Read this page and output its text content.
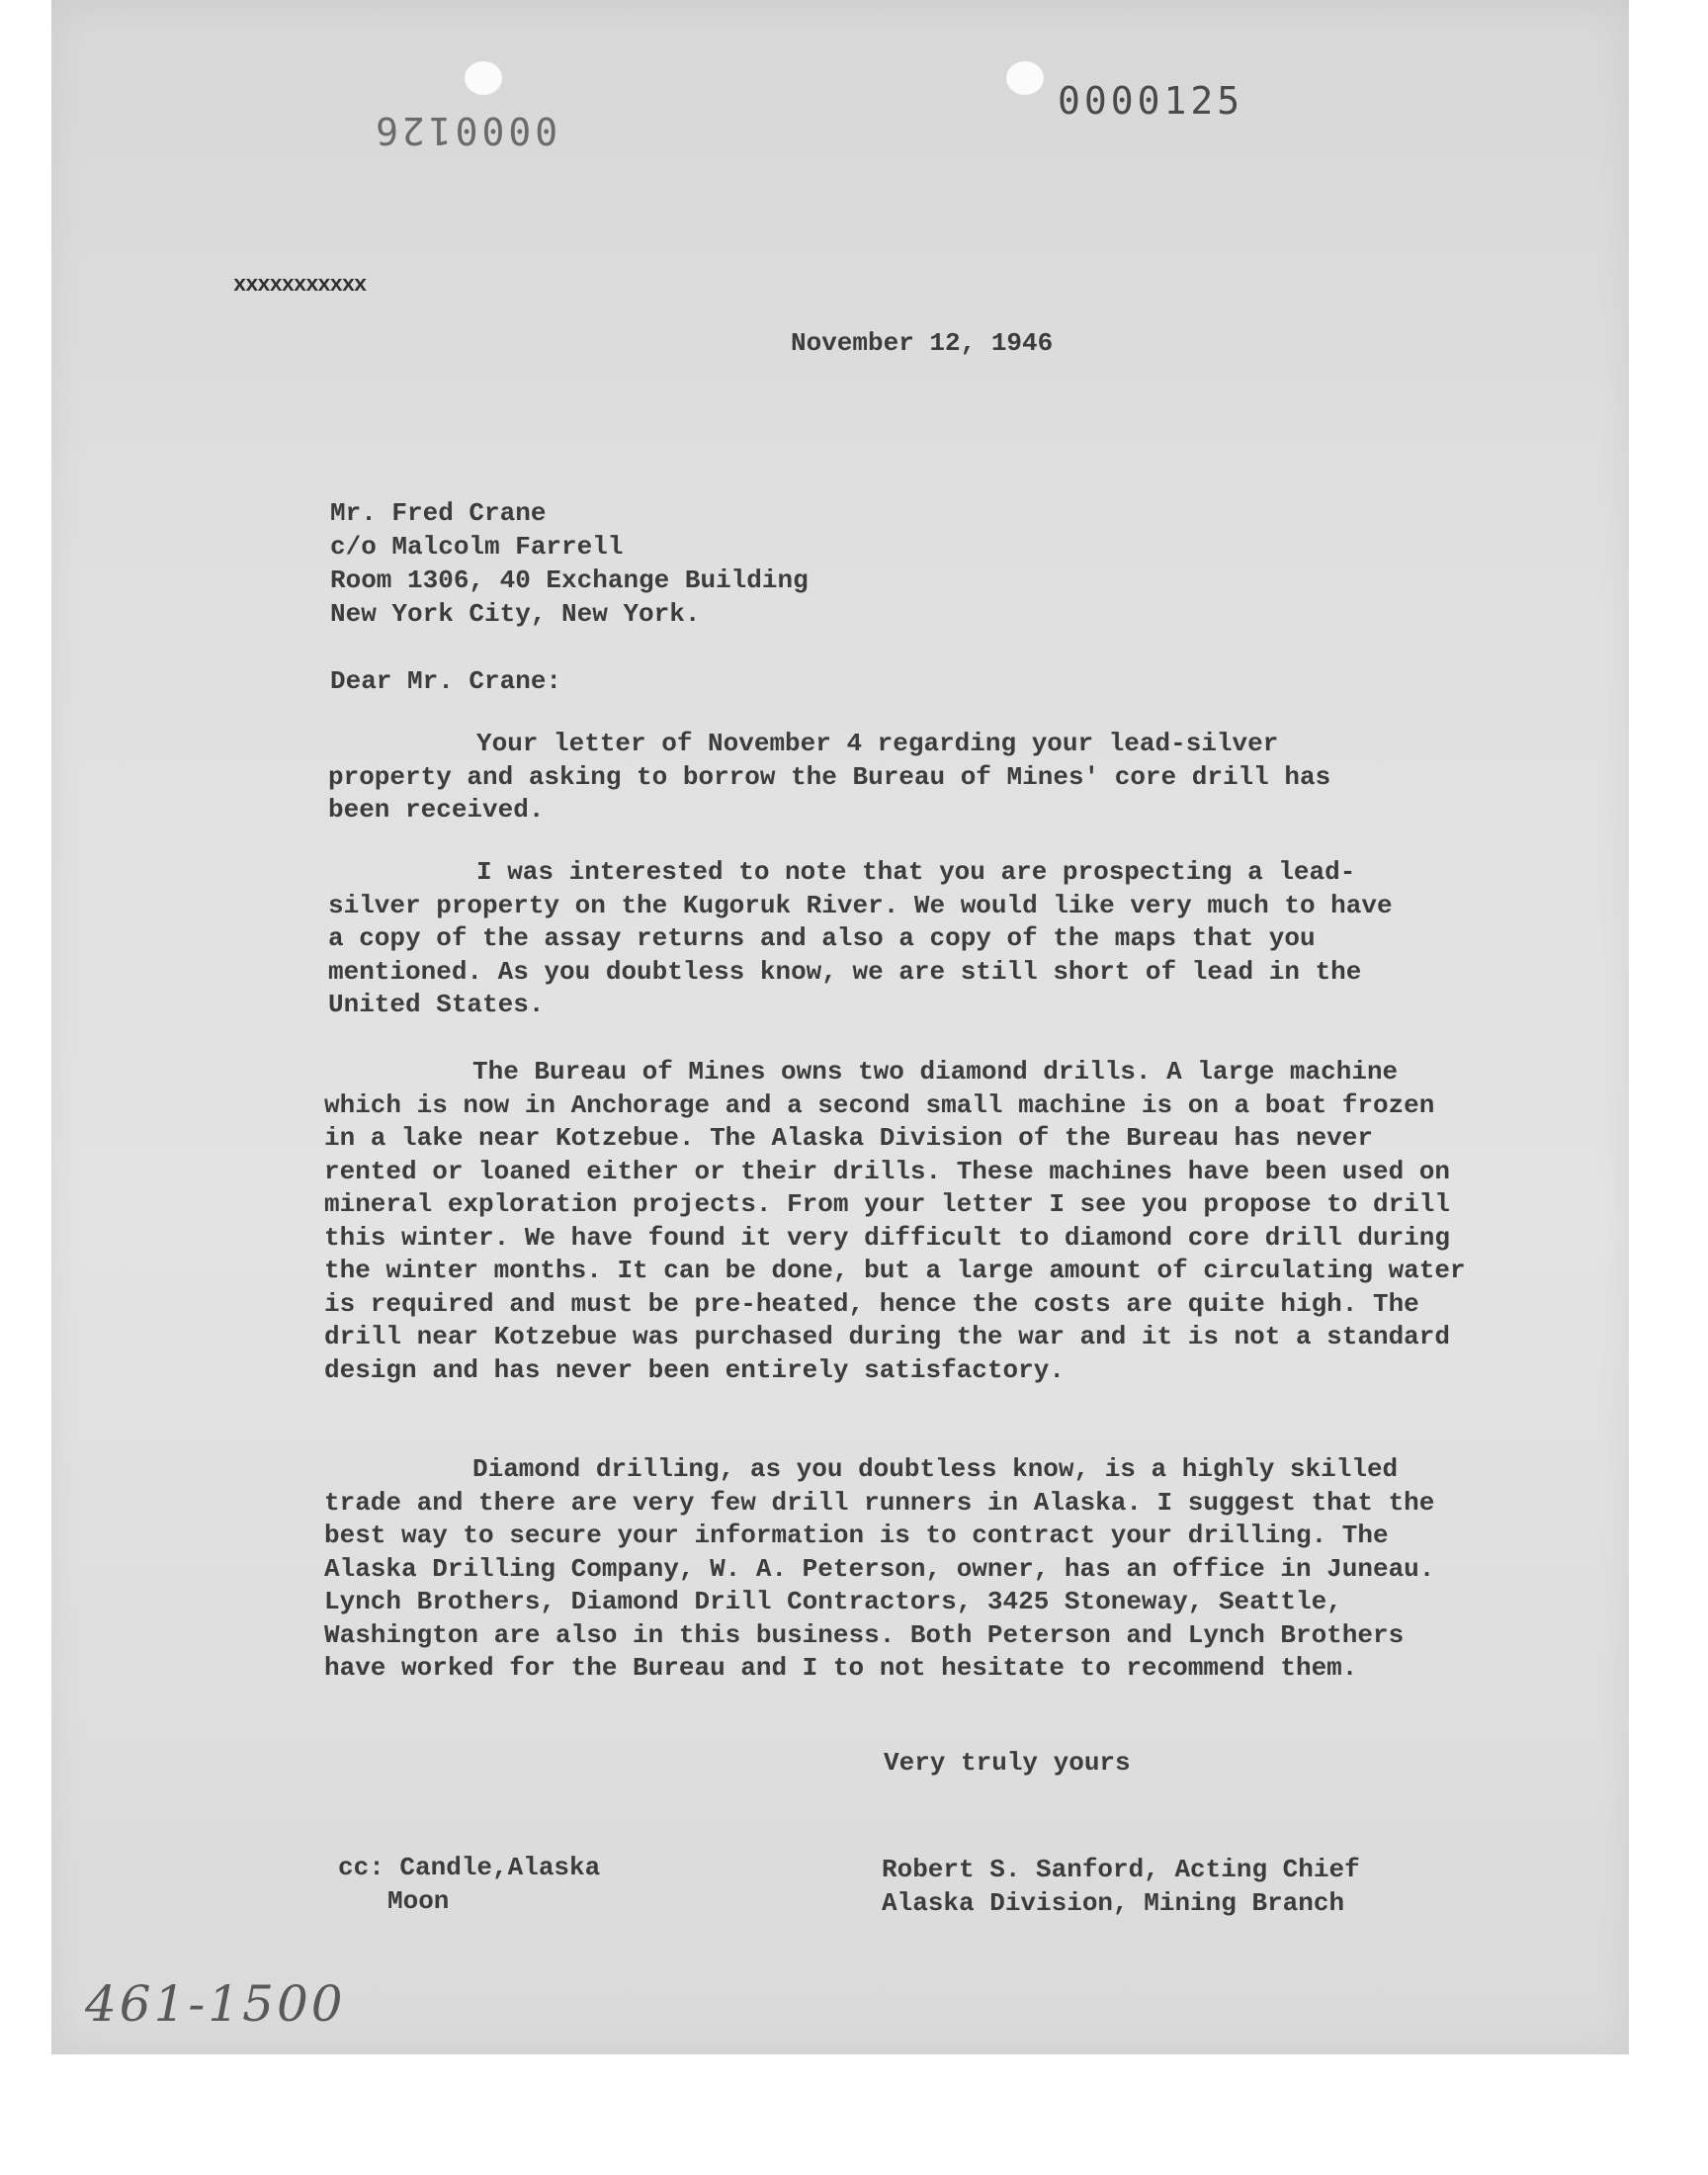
0000126
0000125
xxxxxxxxxxx
November 12, 1946
Mr. Fred Crane
c/o Malcolm Farrell
Room 1306, 40 Exchange Building
New York City, New York.
Dear Mr. Crane:
Your letter of November 4 regarding your lead-silver property and asking to borrow the Bureau of Mines' core drill has been received.
I was interested to note that you are prospecting a lead-silver property on the Kugoruk River. We would like very much to have a copy of the assay returns and also a copy of the maps that you mentioned. As you doubtless know, we are still short of lead in the United States.
The Bureau of Mines owns two diamond drills. A large machine which is now in Anchorage and a second small machine is on a boat frozen in a lake near Kotzebue. The Alaska Division of the Bureau has never rented or loaned either or their drills. These machines have been used on mineral exploration projects. From your letter I see you propose to drill this winter. We have found it very difficult to diamond core drill during the winter months. It can be done, but a large amount of circulating water is required and must be pre-heated, hence the costs are quite high. The drill near Kotzebue was purchased during the war and it is not a standard design and has never been entirely satisfactory.
Diamond drilling, as you doubtless know, is a highly skilled trade and there are very few drill runners in Alaska. I suggest that the best way to secure your information is to contract your drilling. The Alaska Drilling Company, W. A. Peterson, owner, has an office in Juneau. Lynch Brothers, Diamond Drill Contractors, 3425 Stoneway, Seattle, Washington are also in this business. Both Peterson and Lynch Brothers have worked for the Bureau and I to not hesitate to recommend them.
Very truly yours
cc: Candle,Alaska
Moon
Robert S. Sanford, Acting Chief
Alaska Division, Mining Branch
461-1500
